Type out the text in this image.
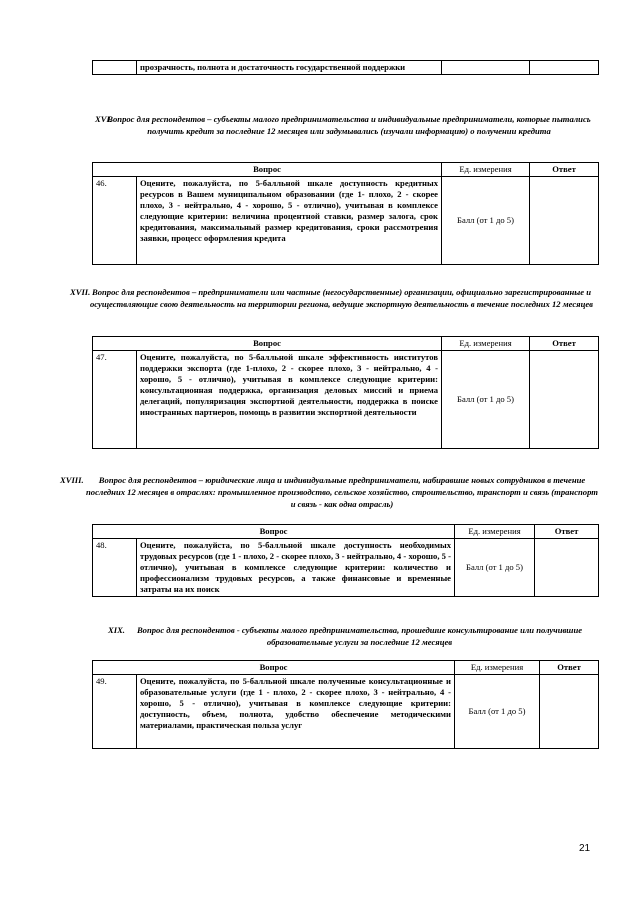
	прозрачность, полнота и достаточность государственной поддержки		
XVI.
Вопрос для респондентов – субъекты малого предпринимательства и индивидуальные предприниматели, которые пытались получить кредит за последние 12 месяцев или задумывались (изучали информацию) о получении кредита
Вопрос		Ед. измерения	Ответ
46.	Оцените, пожалуйста, по 5-балльной шкале доступность кредитных ресурсов в Вашем муниципальном образовании (где 1- плохо, 2 - скорее плохо, 3 - нейтрально, 4 - хорошо, 5 - отлично), учитывая в комплексе следующие критерии: величина процентной ставки, размер залога, срок кредитования, максимальный размер кредитования, сроки рассмотрения заявки, процесс оформления кредита	Балл (от 1 до 5)	
XVII. Вопрос для респондентов – предприниматели или частные (негосударственные) организации, официально зарегистрированные и осуществляющие свою деятельность на территории региона, ведущие экспортную деятельность в течение последних 12 месяцев
Вопрос		Ед. измерения	Ответ
47.	Оцените, пожалуйста, по 5-балльной шкале эффективность институтов поддержки экспорта (где 1-плохо, 2 - скорее плохо, 3 - нейтрально, 4 - хорошо, 5 - отлично), учитывая в комплексе следующие критерии: консультационная поддержка, организация деловых миссий и приема делегаций, популяризация экспортной деятельности, поддержка в поиске иностранных партнеров, помощь в развитии экспортной деятельности	Балл (от 1 до 5)	
XVIII.	Вопрос для респондентов – юридические лица и индивидуальные предприниматели, набиравшие новых сотрудников в течение последних 12 месяцев в отраслях: промышленное производство, сельское хозяйство, строительство, транспорт и связь (транспорт и связь - как одна отрасль)
Вопрос		Ед. измерения	Ответ
48.	Оцените, пожалуйста, по 5-балльной шкале доступность необходимых трудовых ресурсов (где 1 - плохо, 2 - скорее плохо, 3 - нейтрально, 4 - хорошо, 5 - отлично), учитывая в комплексе следующие критерии: количество и профессионализм трудовых ресурсов, а также финансовые и временные затраты на их поиск	Балл (от 1 до 5)	
XIX.	Вопрос для респондентов - субъекты малого предпринимательства, прошедшие консультирование или получившие образовательные услуги за последние 12 месяцев
Вопрос		Ед. измерения	Ответ
49.	Оцените, пожалуйста, по 5-балльной шкале полученные консультационные и образовательные услуги (где 1 - плохо, 2 - скорее плохо, 3 - нейтрально, 4 - хорошо, 5 - отлично), учитывая в комплексе следующие критерии: доступность, объем, полнота, удобство обеспечение методическими материалами, практическая польза услуг	Балл (от 1 до 5)	
21
